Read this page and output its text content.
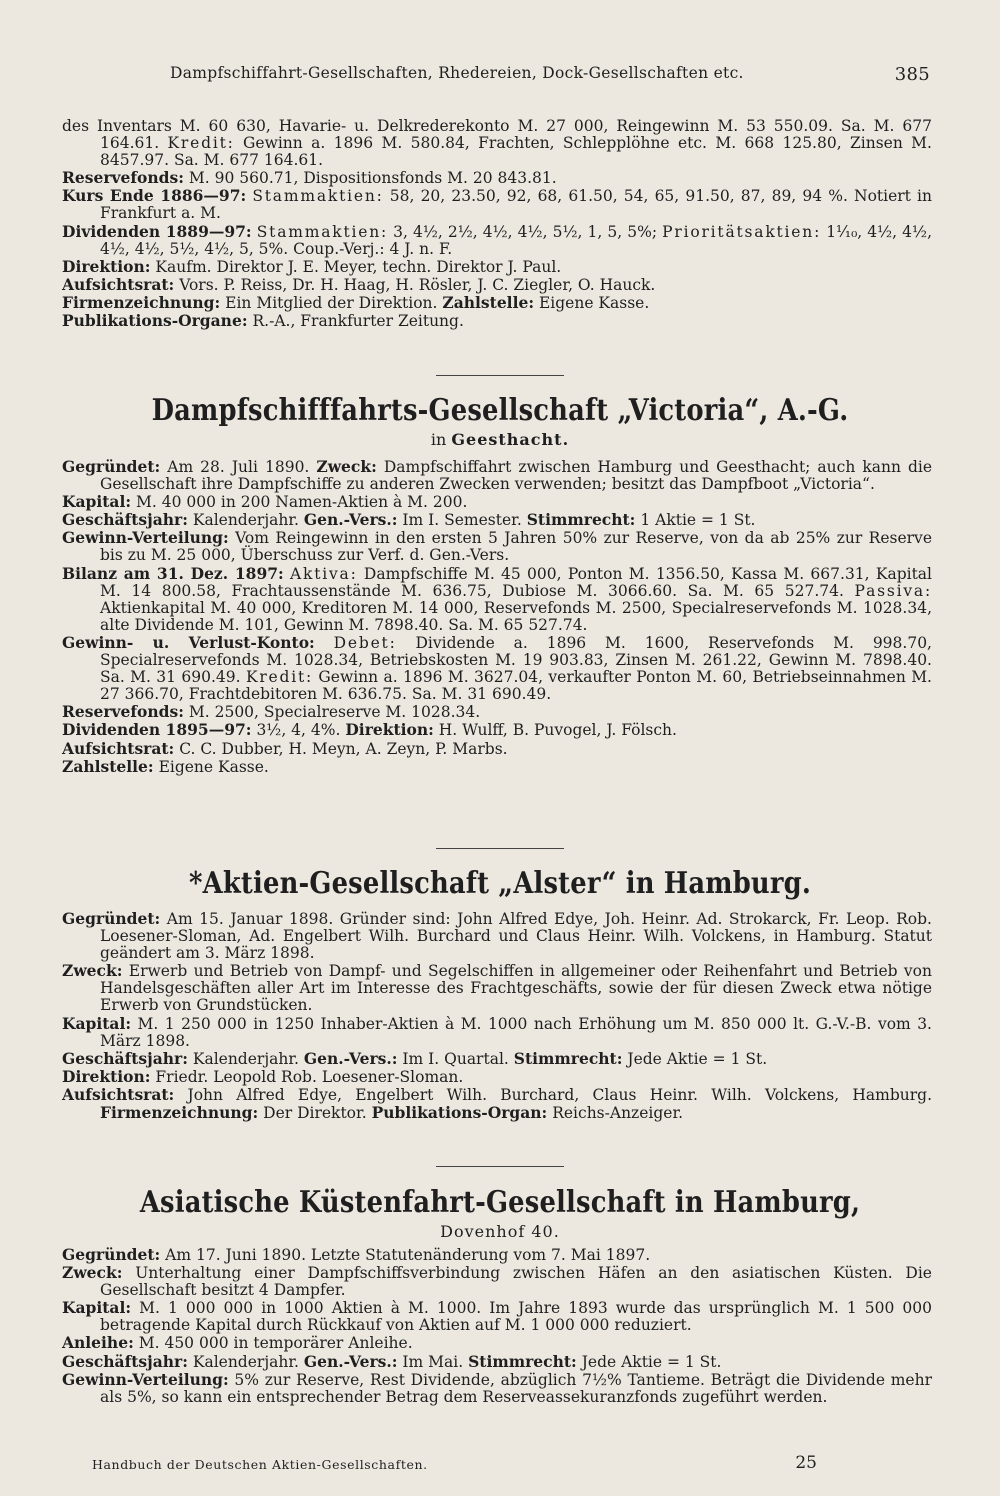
Dampfschiffahrt-Gesellschaften, Rhedereien, Dock-Gesellschaften etc.	385

des Inventars M. 60 630, Havarie- u. Delkrederekonto M. 27 000, Reingewinn M. 53 550.09. Sa. M. 677 164.61. Kredit: Gewinn a. 1896 M. 580.84, Frachten, Schlepplöhne etc. M. 668 125.80, Zinsen M. 8457.97. Sa. M. 677 164.61.

Reservefonds: M. 90 560.71, Dispositionsfonds M. 20 843.81.

Kurs Ende 1886—97: Stammaktien: 58, 20, 23.50, 92, 68, 61.50, 54, 65, 91.50, 87, 89, 94 %. Notiert in Frankfurt a. M.

Dividenden 1889—97: Stammaktien: 3, 4½, 2½, 4½, 4½, 5½, 1, 5, 5%; Prioritätsaktien: 1¹⁄₁₀, 4½, 4½, 4½, 4½, 5½, 4½, 5, 5%. Coup.-Verj.: 4 J. n. F.

Direktion: Kaufm. Direktor J. E. Meyer, techn. Direktor J. Paul.

Aufsichtsrat: Vors. P. Reiss, Dr. H. Haag, H. Rösler, J. C. Ziegler, O. Hauck.

Firmenzeichnung: Ein Mitglied der Direktion. Zahlstelle: Eigene Kasse.

Publikations-Organe: R.-A., Frankfurter Zeitung.

Dampfschifffahrts-Gesellschaft „Victoria“, A.-G.
in Geesthacht.

Gegründet: Am 28. Juli 1890. Zweck: Dampfschiffahrt zwischen Hamburg und Geesthacht; auch kann die Gesellschaft ihre Dampfschiffe zu anderen Zwecken verwenden; besitzt das Dampfboot „Victoria“.

Kapital: M. 40 000 in 200 Namen-Aktien à M. 200.

Geschäftsjahr: Kalenderjahr. Gen.-Vers.: Im I. Semester. Stimmrecht: 1 Aktie = 1 St.

Gewinn-Verteilung: Vom Reingewinn in den ersten 5 Jahren 50% zur Reserve, von da ab 25% zur Reserve bis zu M. 25 000, Überschuss zur Verf. d. Gen.-Vers.

Bilanz am 31. Dez. 1897: Aktiva: Dampfschiffe M. 45 000, Ponton M. 1356.50, Kassa M. 667.31, Kapital M. 14 800.58, Frachtaussenstände M. 636.75, Dubiose M. 3066.60. Sa. M. 65 527.74. Passiva: Aktienkapital M. 40 000, Kreditoren M. 14 000, Reservefonds M. 2500, Specialreservefonds M. 1028.34, alte Dividende M. 101, Gewinn M. 7898.40. Sa. M. 65 527.74.

Gewinn- u. Verlust-Konto: Debet: Dividende a. 1896 M. 1600, Reservefonds M. 998.70, Specialreservefonds M. 1028.34, Betriebskosten M. 19 903.83, Zinsen M. 261.22, Gewinn M. 7898.40. Sa. M. 31 690.49. Kredit: Gewinn a. 1896 M. 3627.04, verkaufter Ponton M. 60, Betriebseinnahmen M. 27 366.70, Frachtdebitoren M. 636.75. Sa. M. 31 690.49.

Reservefonds: M. 2500, Specialreserve M. 1028.34.

Dividenden 1895—97: 3½, 4, 4%. Direktion: H. Wulff, B. Puvogel, J. Fölsch.

Aufsichtsrat: C. C. Dubber, H. Meyn, A. Zeyn, P. Marbs.

Zahlstelle: Eigene Kasse.

*Aktien-Gesellschaft „Alster“ in Hamburg.

Gegründet: Am 15. Januar 1898. Gründer sind: John Alfred Edye, Joh. Heinr. Ad. Strokarck, Fr. Leop. Rob. Loesener-Sloman, Ad. Engelbert Wilh. Burchard und Claus Heinr. Wilh. Volckens, in Hamburg. Statut geändert am 3. März 1898.

Zweck: Erwerb und Betrieb von Dampf- und Segelschiffen in allgemeiner oder Reihenfahrt und Betrieb von Handelsgeschäften aller Art im Interesse des Frachtgeschäfts, sowie der für diesen Zweck etwa nötige Erwerb von Grundstücken.

Kapital: M. 1 250 000 in 1250 Inhaber-Aktien à M. 1000 nach Erhöhung um M. 850 000 lt. G.-V.-B. vom 3. März 1898.

Geschäftsjahr: Kalenderjahr. Gen.-Vers.: Im I. Quartal. Stimmrecht: Jede Aktie = 1 St.

Direktion: Friedr. Leopold Rob. Loesener-Sloman.

Aufsichtsrat: John Alfred Edye, Engelbert Wilh. Burchard, Claus Heinr. Wilh. Volckens, Hamburg. Firmenzeichnung: Der Direktor. Publikations-Organ: Reichs-Anzeiger.

Asiatische Küstenfahrt-Gesellschaft in Hamburg,
Dovenhof 40.

Gegründet: Am 17. Juni 1890. Letzte Statutenänderung vom 7. Mai 1897.

Zweck: Unterhaltung einer Dampfschiffsverbindung zwischen Häfen an den asiatischen Küsten. Die Gesellschaft besitzt 4 Dampfer.

Kapital: M. 1 000 000 in 1000 Aktien à M. 1000. Im Jahre 1893 wurde das ursprünglich M. 1 500 000 betragende Kapital durch Rückkauf von Aktien auf M. 1 000 000 reduziert.

Anleihe: M. 450 000 in temporärer Anleihe.

Geschäftsjahr: Kalenderjahr. Gen.-Vers.: Im Mai. Stimmrecht: Jede Aktie = 1 St.

Gewinn-Verteilung: 5% zur Reserve, Rest Dividende, abzüglich 7½% Tantieme. Beträgt die Dividende mehr als 5%, so kann ein entsprechender Betrag dem Reserveassekuranzfonds zugeführt werden.

Handbuch der Deutschen Aktien-Gesellschaften.	25
